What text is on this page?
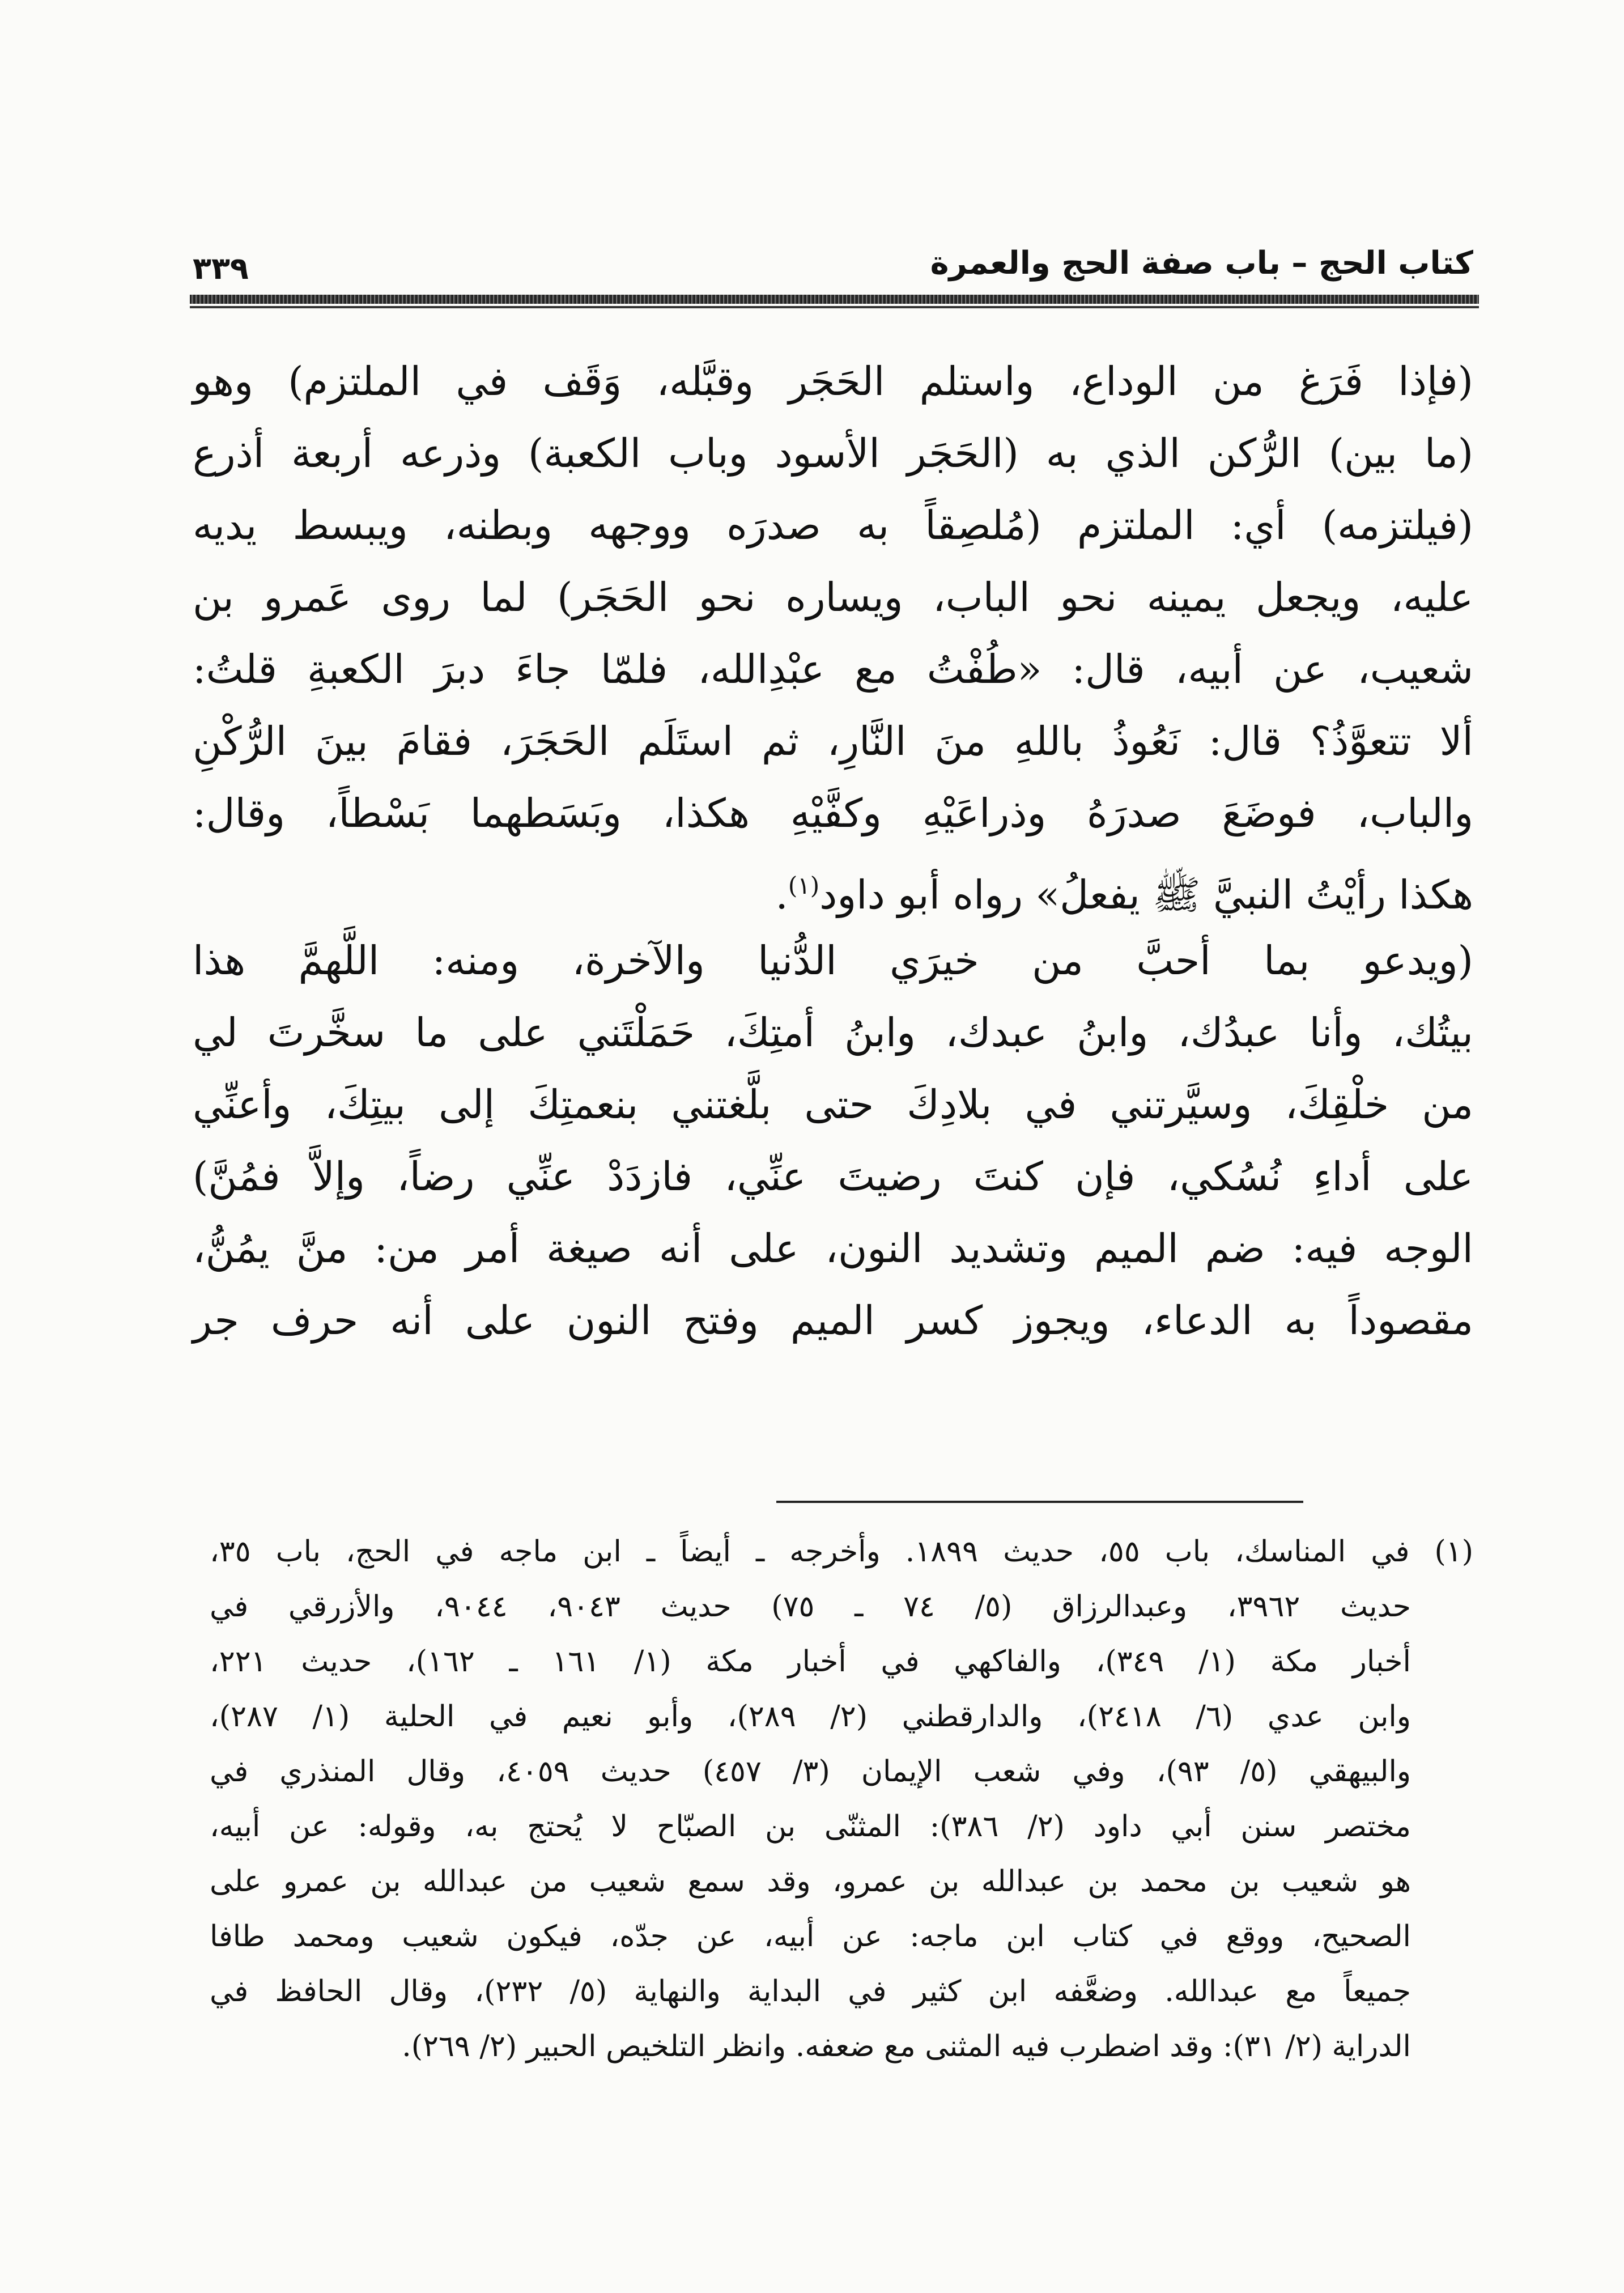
كتاب الحج – باب صفة الحج والعمرة
٣٣٩
(فإذا فَرَغ من الوداع، واستلم الحَجَر وقبَّله، وَقَف في الملتزم) وهو
(ما بين) الرُّكن الذي به (الحَجَر الأسود وباب الكعبة) وذرعه أربعة أذرع
(فيلتزمه) أي: الملتزم (مُلصِقاً به صدرَه ووجهه وبطنه، ويبسط يديه
عليه، ويجعل يمينه نحو الباب، ويساره نحو الحَجَر) لما روى عَمرو بن
شعيب، عن أبيه، قال: «طُفْتُ مع عبْدِالله، فلمّا جاءَ دبرَ الكعبةِ قلتُ:
ألا تتعوَّذُ؟ قال: نَعُوذُ باللهِ منَ النَّارِ، ثم استَلَم الحَجَرَ، فقامَ بينَ الرُّكْنِ
والباب، فوضَعَ صدرَهُ وذراعَيْهِ وكفَّيْهِ هكذا، وبَسَطهما بَسْطاً، وقال:
هكذا رأيْتُ النبيَّ ﷺ يفعلُ» رواه أبو داود$^{(١)}$.
(ويدعو بما أحبَّ من خيرَي الدُّنيا والآخرة، ومنه: اللَّهمَّ هذا
بيتُك، وأنا عبدُك، وابنُ عبدك، وابنُ أمتِكَ، حَمَلْتَني على ما سخَّرتَ لي
من خلْقِكَ، وسيَّرتني في بلادِكَ حتى بلَّغتني بنعمتِكَ إلى بيتِكَ، وأعنِّي
على أداءِ نُسُكي، فإن كنتَ رضيتَ عنِّي، فازدَدْ عنِّي رضاً، وإلاَّ فمُنَّ)
الوجه فيه: ضم الميم وتشديد النون، على أنه صيغة أمر من: منَّ يمُنُّ،
مقصوداً به الدعاء، ويجوز كسر الميم وفتح النون على أنه حرف جر
(١) في المناسك، باب ٥٥، حديث ١٨٩٩. وأخرجه ـ أيضاً ـ ابن ماجه في الحج، باب ٣٥،
حديث ٣٩٦٢، وعبدالرزاق (٥/ ٧٤ ـ ٧٥) حديث ٩٠٤٣، ٩٠٤٤، والأزرقي في
أخبار مكة (١/ ٣٤٩)، والفاكهي في أخبار مكة (١/ ١٦١ ـ ١٦٢)، حديث ٢٢١،
وابن عدي (٦/ ٢٤١٨)، والدارقطني (٢/ ٢٨٩)، وأبو نعيم في الحلية (١/ ٢٨٧)،
والبيهقي (٥/ ٩٣)، وفي شعب الإيمان (٣/ ٤٥٧) حديث ٤٠٥٩، وقال المنذري في
مختصر سنن أبي داود (٢/ ٣٨٦): المثنّى بن الصبّاح لا يُحتج به، وقوله: عن أبيه،
هو شعيب بن محمد بن عبدالله بن عمرو، وقد سمع شعيب من عبدالله بن عمرو على
الصحيح، ووقع في كتاب ابن ماجه: عن أبيه، عن جدّه، فيكون شعيب ومحمد طافا
جميعاً مع عبدالله. وضعَّفه ابن كثير في البداية والنهاية (٥/ ٢٣٢)، وقال الحافظ في
الدراية (٢/ ٣١): وقد اضطرب فيه المثنى مع ضعفه. وانظر التلخيص الحبير (٢/ ٢٦٩).
